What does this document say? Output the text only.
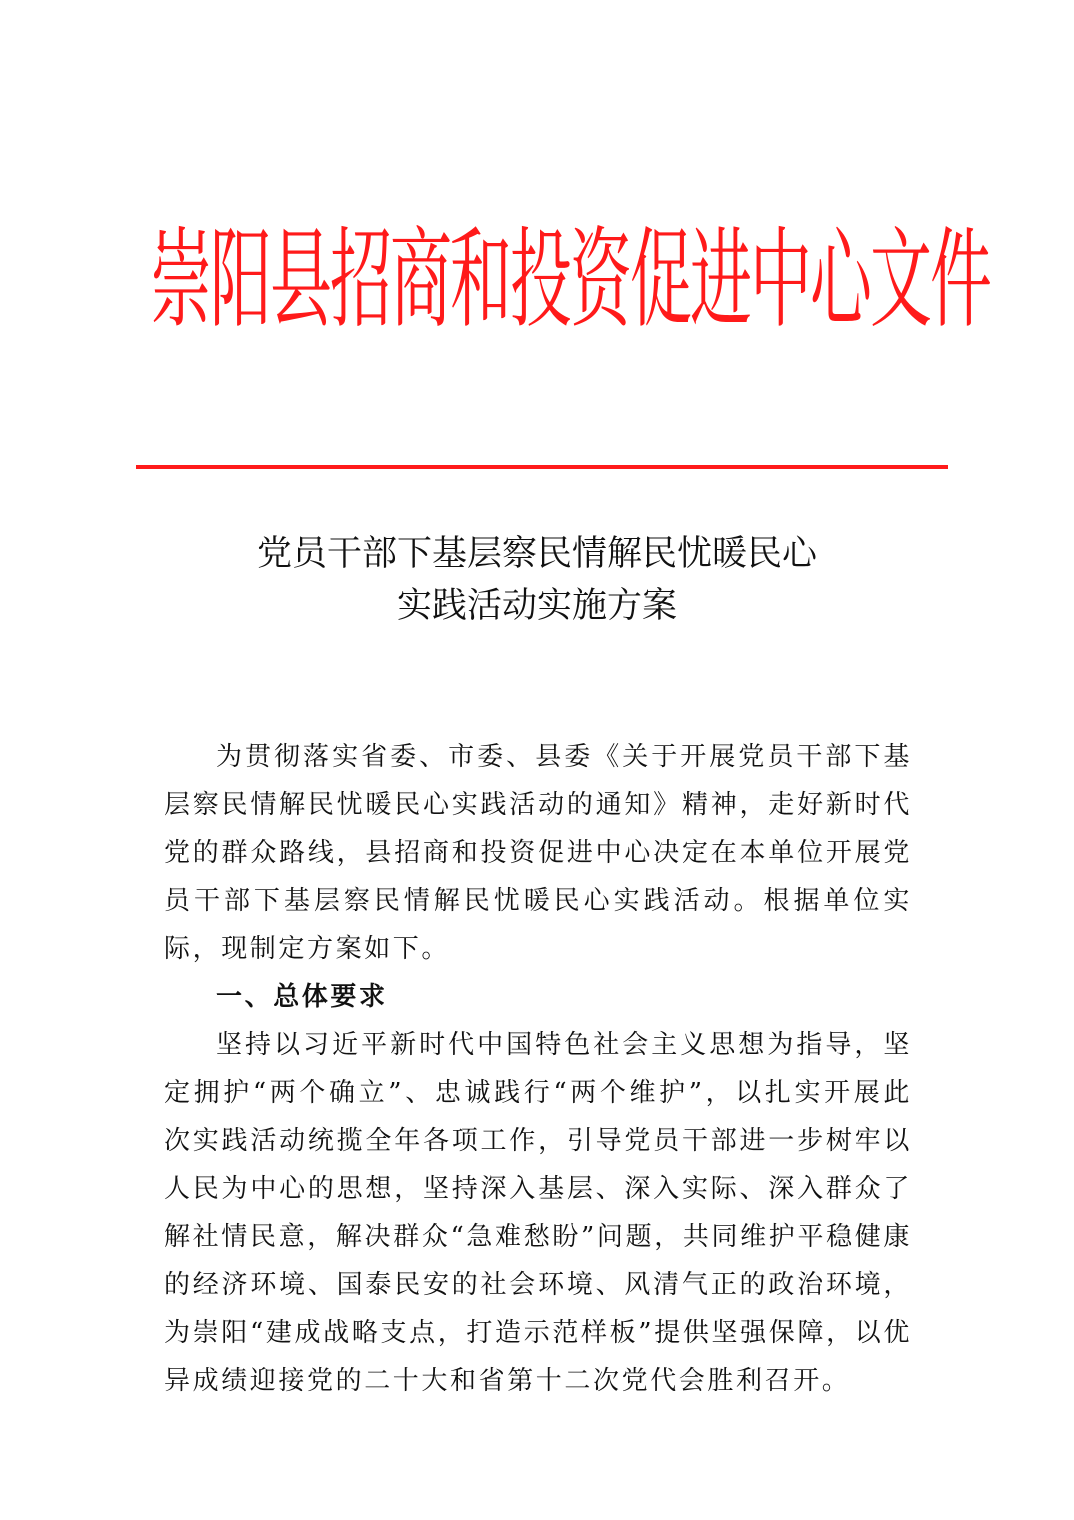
崇阳县招商和投资促进中心文件
党员干部下基层察民情解民忧暖民心
实践活动实施方案

为贯彻落实省委、市委、县委《关于开展党员干部下基层察民情解民忧暖民心实践活动的通知》精神，走好新时代党的群众路线，县招商和投资促进中心决定在本单位开展党员干部下基层察民情解民忧暖民心实践活动。根据单位实际，现制定方案如下。

一、总体要求

坚持以习近平新时代中国特色社会主义思想为指导，坚定拥护“两个确立”、忠诚践行“两个维护”，以扎实开展此次实践活动统揽全年各项工作，引导党员干部进一步树牢以人民为中心的思想，坚持深入基层、深入实际、深入群众了解社情民意，解决群众“急难愁盼”问题，共同维护平稳健康的经济环境、国泰民安的社会环境、风清气正的政治环境，为崇阳“建成战略支点，打造示范样板”提供坚强保障，以优异成绩迎接党的二十大和省第十二次党代会胜利召开。
